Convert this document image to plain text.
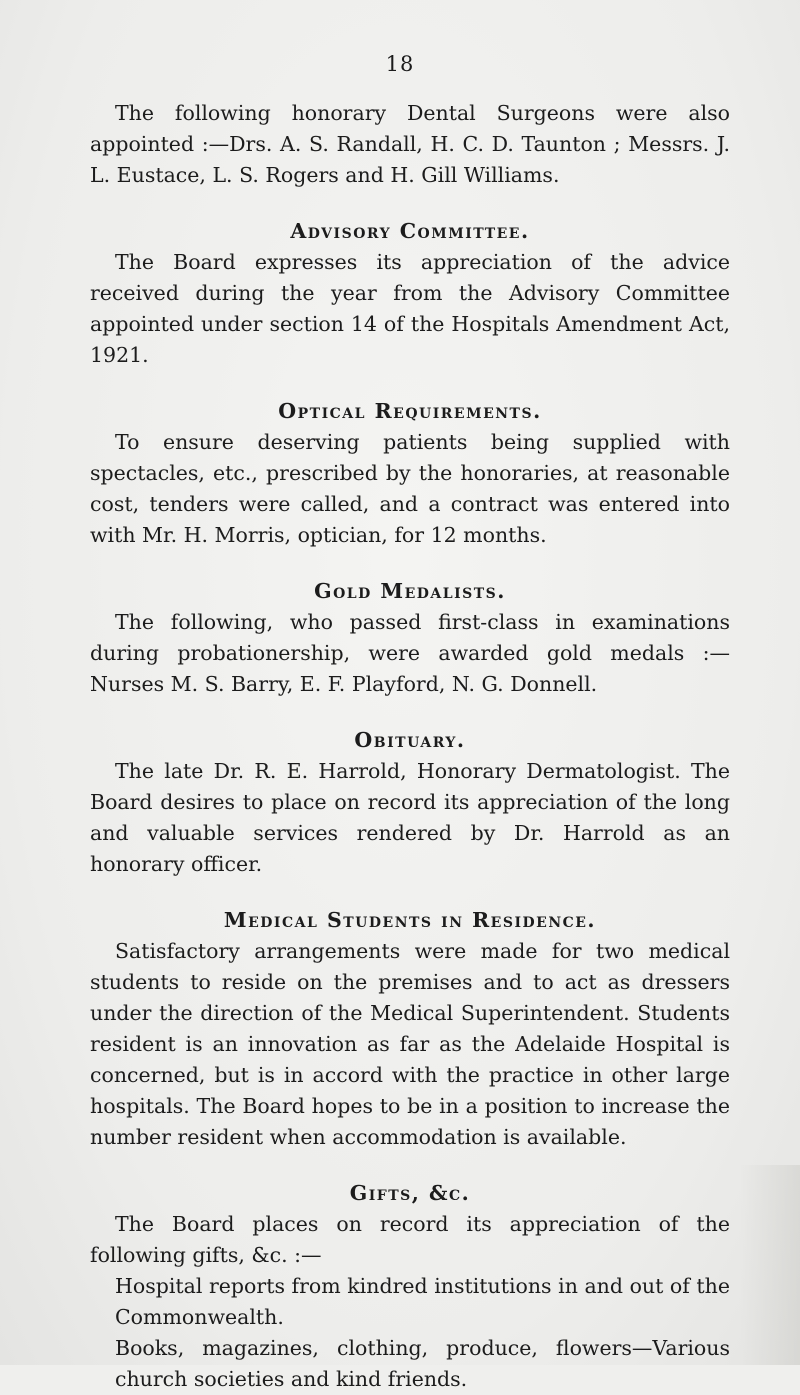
18

The following honorary Dental Surgeons were also appointed :—Drs. A. S. Randall, H. C. D. Taunton ; Messrs. J. L. Eustace, L. S. Rogers and H. Gill Williams.

Advisory Committee.

The Board expresses its appreciation of the advice received during the year from the Advisory Committee appointed under section 14 of the Hospitals Amendment Act, 1921.

Optical Requirements.

To ensure deserving patients being supplied with spectacles, etc., prescribed by the honoraries, at reasonable cost, tenders were called, and a contract was entered into with Mr. H. Morris, optician, for 12 months.

Gold Medalists.

The following, who passed first-class in examinations during probationership, were awarded gold medals :—Nurses M. S. Barry, E. F. Playford, N. G. Donnell.

Obituary.

The late Dr. R. E. Harrold, Honorary Dermatologist. The Board desires to place on record its appreciation of the long and valuable services rendered by Dr. Harrold as an honorary officer.

Medical Students in Residence.

Satisfactory arrangements were made for two medical students to reside on the premises and to act as dressers under the direction of the Medical Superintendent. Students resident is an innovation as far as the Adelaide Hospital is concerned, but is in accord with the practice in other large hospitals. The Board hopes to be in a position to increase the number resident when accommodation is available.

Gifts, &c.

The Board places on record its appreciation of the following gifts, &c. :—

Hospital reports from kindred institutions in and out of the Commonwealth.

Books, magazines, clothing, produce, flowers—Various church societies and kind friends.
